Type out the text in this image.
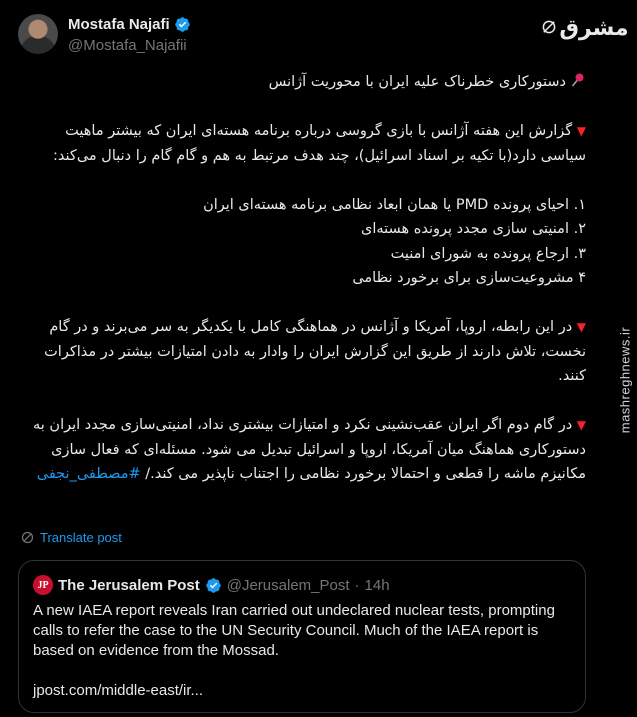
Mostafa Najafi
@Mostafa_Najafii
مشرق
mashreghnews.ir
دستورکاری خطرناک علیه ایران با محوریت آژانس
▼ گزارش این هفته آژانس با بازی گروسی درباره برنامه هسته‌ای ایران که بیشتر ماهیت سیاسی دارد(با تکیه بر اسناد اسرائیل)، چند هدف مرتبط به هم و گام گام را دنبال می‌کند:
۱. احیای پرونده PMD یا همان ابعاد نظامی برنامه هسته‌ای ایران
۲. امنیتی سازی مجدد پرونده هسته‌ای
۳. ارجاع پرونده به شورای امنیت
۴ مشروعیت‌سازی برای برخورد نظامی
▼ در این رابطه، اروپا، آمریکا و آژانس در هماهنگی کامل با یکدیگر به سر می‌برند و در گام نخست، تلاش دارند از طریق این گزارش ایران را وادار به دادن امتیازات بیشتر در مذاکرات کنند.
▼ در گام دوم اگر ایران عقب‌نشینی نکرد و امتیازات بیشتری نداد، امنیتی‌سازی مجدد ایران به دستورکاری هماهنگ میان آمریکا، اروپا و اسرائیل تبدیل می شود. مسئله‌ای که فعال سازی مکانیزم ماشه را قطعی و احتمالا برخورد نظامی را اجتناب ناپذیر می کند./ #مصطفی_نجفی
Translate post
JP The Jerusalem Post @Jerusalem_Post · 14h
A new IAEA report reveals Iran carried out undeclared nuclear tests, prompting calls to refer the case to the UN Security Council. Much of the IAEA report is based on evidence from the Mossad.
jpost.com/middle-east/ir...
